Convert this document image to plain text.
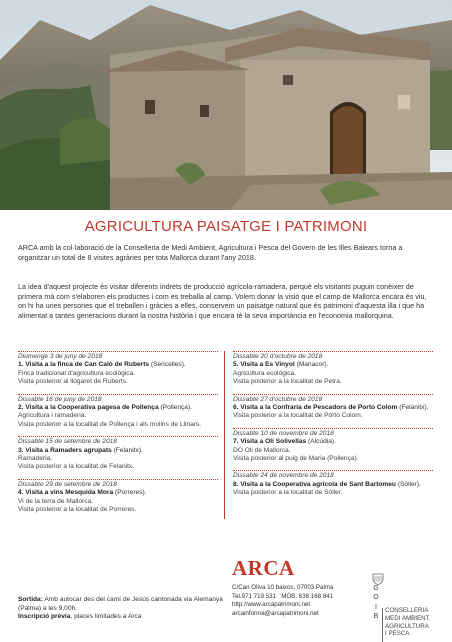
AGRICULTURA PAISATGE I PATRIMONI

ARCA amb la col·laboració de la Conselleria de Medi Ambient, Agricultura i Pesca del Govern de les Illes Balears torna a organitzar un total de 8 visites agràries per tota Mallorca durant l'any 2018.

La idea d'aquest projecte és visitar diferents indrets de producció agrícola-ramadera, perquè els visitants puguin conèixer de primera mà com s'elaboren els productes i com es treballa al camp. Volem donar la visió que el camp de Mallorca encara és viu, on hi ha unes persones que el treballen i gràcies a elles, conservem un paisatge natural que és patrimoni d'aquesta illa i que ha alimentat a tantes generacions durant la nostra història i que encara té la seva importància en l'economia mallorquina.

Diumenge 3 de juny de 2018
1. Visita a la finca de Can Calò de Ruberts (Sencelles).
Finca tradicional d'agricultura ecològica.
Visita posterior al llogaret de Ruberts.
Dissabte 16 de juny de 2018
2. Visita a la Cooperativa pagesa de Pollença (Pollença).
Agricultura i ramaderia.
Visita posterior a la localitat de Pollença i als molins de Llinars.
Dissabte 15 de setembre de 2018
3. Visita a Ramaders agrupats (Felanitx).
Ramaderia.
Visita posterior a la localitat de Felanitx.
Dissabte 29 de setembre de 2018
4. Visita a vins Mesquida Mora (Porreres).
Vi de la terra de Mallorca.
Visita posterior a la localitat de Porreres.
Dissabte 20 d'octubre de 2018
5. Visita a Es Vinyol (Manacor).
Agricultura ecològica.
Visita posterior a la localitat de Petra.
Dissabte 27 d'octubre de 2018
6. Visita a la Confraria de Pescadors de Porto Colom (Felanitx).
Visita posterior a la localitat de Porto Colom.
Dissabte 10 de novembre de 2018
7. Visita a Oli Solivellas (Alcúdia).
DO Oli de Mallorca.
Visita posterior al puig de Maria (Pollença).
Dissabte 24 de novembre de 2018
8. Visita a la Cooperativa agrícola de Sant Bartomeu (Sóller).
Visita posterior a la localitat de Sóller.
Sortida: Amb autocar des del camí de Jesús cantonada via Alemanya (Palma) a les 9,00h.
Inscripció prèvia, places limitades a Arca
ARCA
C/Can Oliva 10 baixos, 07003 Palma
Tel.971 719 531 MÒB. 638 168 841
http://www.arcapatrimoni.net
arcainforma@arcapatrimoni.net
G
O
I
B
CONSELLERIA
MEDI AMBIENT,
AGRICULTURA
I PESCA
